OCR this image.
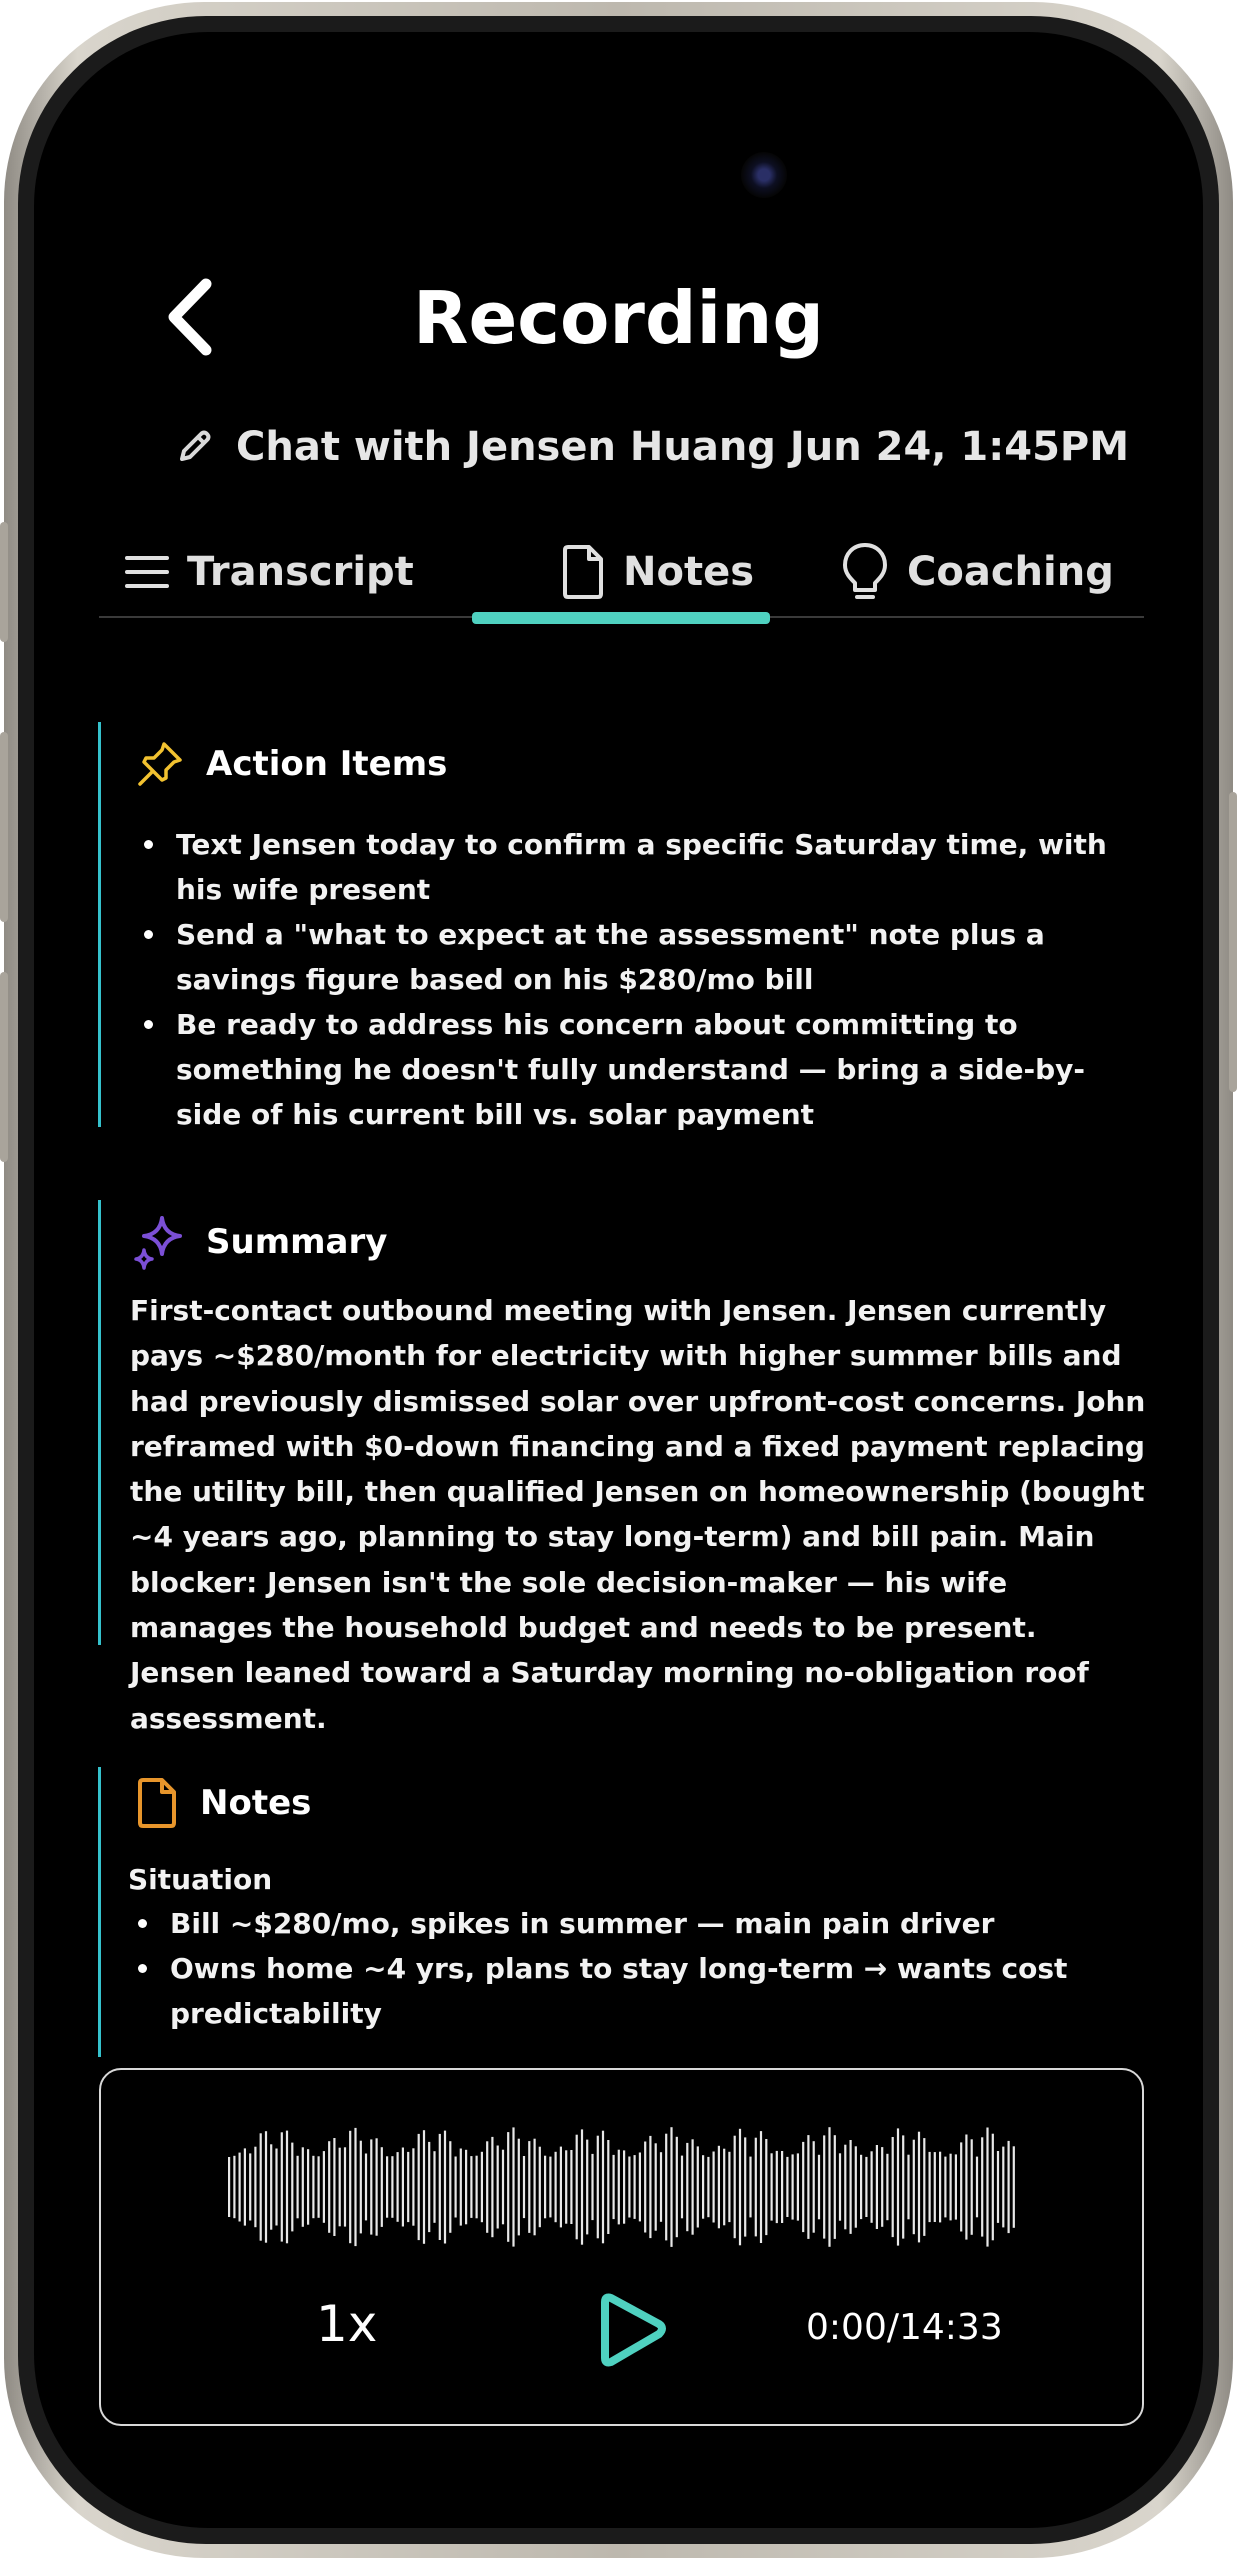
Recording
Chat with Jensen Huang Jun 24, 1:45PM
Transcript	Notes	Coaching
Action Items
Text Jensen today to confirm a specific Saturday time, with his wife present
Send a "what to expect at the assessment" note plus a savings figure based on his $280/mo bill
Be ready to address his concern about committing to something he doesn't fully understand — bring a side-by-side of his current bill vs. solar payment
Summary
First-contact outbound meeting with Jensen. Jensen currently pays ~$280/month for electricity with higher summer bills and had previously dismissed solar over upfront-cost concerns. John reframed with $0-down financing and a fixed payment replacing the utility bill, then qualified Jensen on homeownership (bought ~4 years ago, planning to stay long-term) and bill pain. Main blocker: Jensen isn't the sole decision-maker — his wife manages the household budget and needs to be present. Jensen leaned toward a Saturday morning no-obligation roof assessment.
Notes
Situation
Bill ~$280/mo, spikes in summer — main pain driver
Owns home ~4 yrs, plans to stay long-term → wants cost predictability
1x	0:00/14:33
